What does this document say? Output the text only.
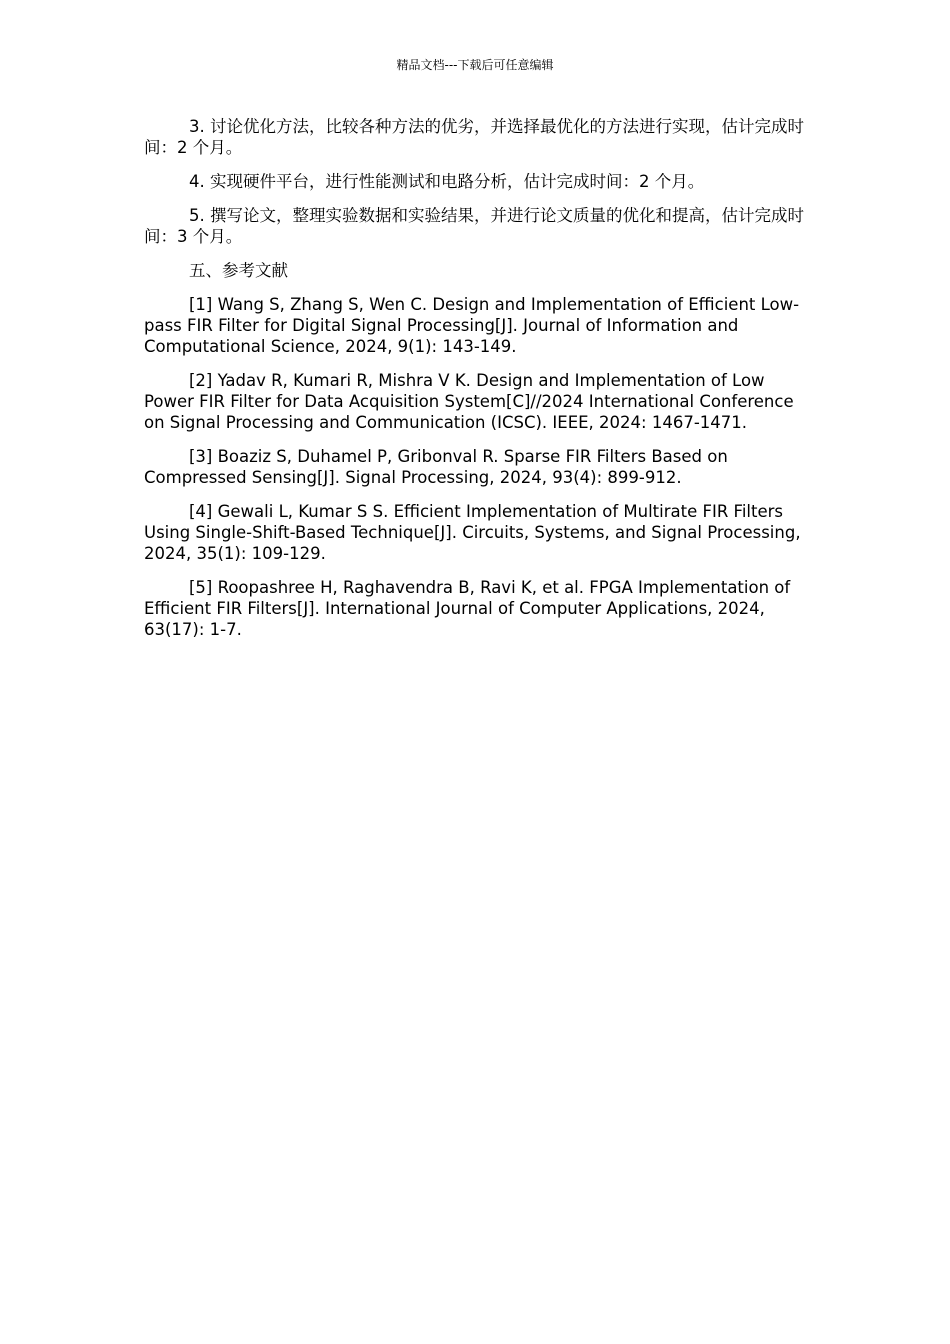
精品文档---下载后可任意编辑

3. 讨论优化方法，比较各种方法的优劣，并选择最优化的方法进行实现，估计完成时间：2 个月。

4. 实现硬件平台，进行性能测试和电路分析，估计完成时间：2 个月。

5. 撰写论文，整理实验数据和实验结果，并进行论文质量的优化和提高，估计完成时间：3 个月。

五、参考文献

[1] Wang S, Zhang S, Wen C. Design and Implementation of Efficient Low-pass FIR Filter for Digital Signal Processing[J]. Journal of Information and Computational Science, 2024, 9(1): 143-149.

[2] Yadav R, Kumari R, Mishra V K. Design and Implementation of Low Power FIR Filter for Data Acquisition System[C]//2024 International Conference on Signal Processing and Communication (ICSC). IEEE, 2024: 1467-1471.

[3] Boaziz S, Duhamel P, Gribonval R. Sparse FIR Filters Based on Compressed Sensing[J]. Signal Processing, 2024, 93(4): 899-912.

[4] Gewali L, Kumar S S. Efficient Implementation of Multirate FIR Filters Using Single-Shift-Based Technique[J]. Circuits, Systems, and Signal Processing, 2024, 35(1): 109-129.

[5] Roopashree H, Raghavendra B, Ravi K, et al. FPGA Implementation of Efficient FIR Filters[J]. International Journal of Computer Applications, 2024, 63(17): 1-7.
